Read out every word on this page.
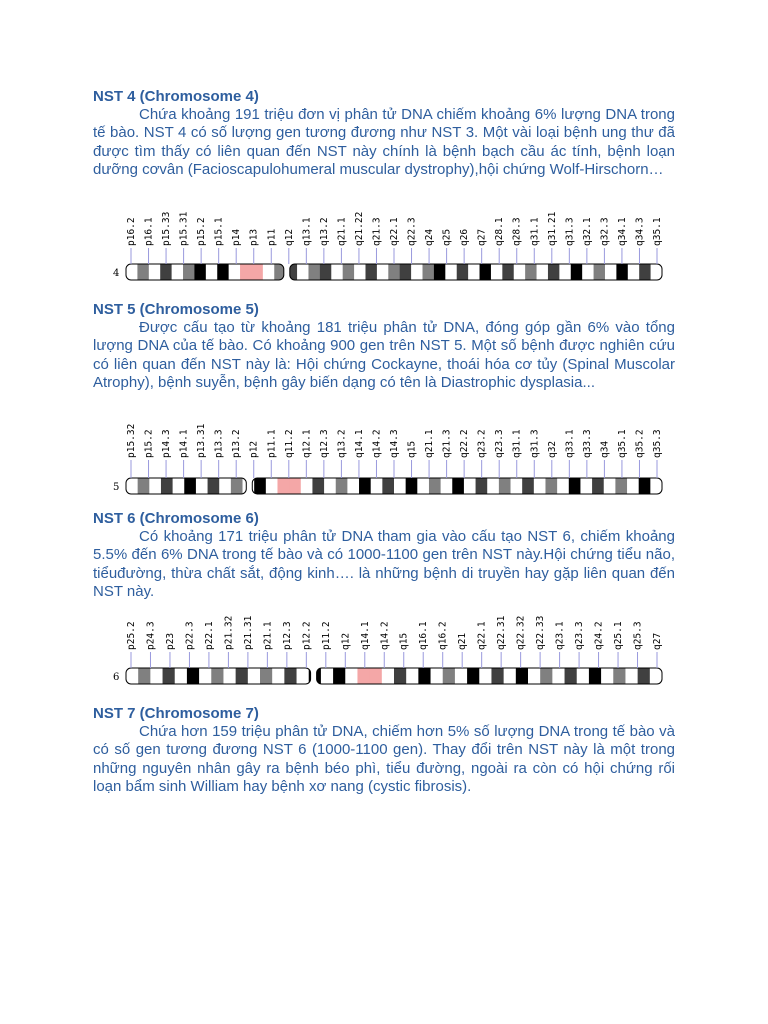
NST 4 (Chromosome 4)

Chứa khoảng 191 triệu đơn vị phân tử DNA chiếm khoảng 6% lượng DNA trong tế bào. NST 4 có số lượng gen tương đương như NST 3. Một vài loại bệnh ung thư đã được tìm thấy có liên quan đến NST này chính là bệnh bạch cầu ác tính, bệnh loạn dưỡng cơvân (Facioscapulohumeral muscular dystrophy),hội chứng Wolf-Hirschorn…

4
p16.2 p16.1 p15.33 p15.31 p15.2 p15.1 p14 p13 p11 q12 q13.1 q13.2 q21.1 q21.22 q21.3 q22.1 q22.3 q24 q25 q26 q27 q28.1 q28.3 q31.1 q31.21 q31.3 q32.1 q32.3 q34.1 q34.3 q35.1

NST 5 (Chromosome 5)

Được cấu tạo từ khoảng 181 triệu phân tử DNA, đóng góp gần 6% vào tổng lượng DNA của tế bào. Có khoảng 900 gen trên NST 5. Một số bệnh được nghiên cứu có liên quan đến NST này là: Hội chứng Cockayne, thoái hóa cơ tủy (Spinal Muscolar Atrophy), bệnh suyễn, bệnh gây biến dạng có tên là Diastrophic dysplasia...

5
p15.32 p15.2 p14.3 p14.1 p13.31 p13.3 p13.2 p12 p11.1 q11.2 q12.1 q12.3 q13.2 q14.1 q14.2 q14.3 q15 q21.1 q21.3 q22.2 q23.2 q23.3 q31.1 q31.3 q32 q33.1 q33.3 q34 q35.1 q35.2 q35.3

NST 6 (Chromosome 6)

Có khoảng 171 triệu phân tử DNA tham gia vào cấu tạo NST 6, chiếm khoảng 5.5% đến 6% DNA trong tế bào và có 1000-1100 gen trên NST này.Hội chứng tiểu não, tiểuđường, thừa chất sắt, động kinh…. là những bệnh di truyền hay gặp liên quan đến NST này.

6
p25.2 p24.3 p23 p22.3 p22.1 p21.32 p21.31 p21.1 p12.3 p12.2 p11.2 q12 q14.1 q14.2 q15 q16.1 q16.2 q21 q22.1 q22.31 q22.32 q22.33 q23.1 q23.3 q24.2 q25.1 q25.3 q27

NST 7 (Chromosome 7)

Chứa hơn 159 triệu phân tử DNA, chiếm hơn 5% số lượng DNA trong tế bào và có số gen tương đương NST 6 (1000-1100 gen). Thay đổi trên NST này là một trong những nguyên nhân gây ra bệnh béo phì, tiểu đường, ngoài ra còn có hội chứng rối loạn bẩm sinh William hay bệnh xơ nang (cystic fibrosis).
